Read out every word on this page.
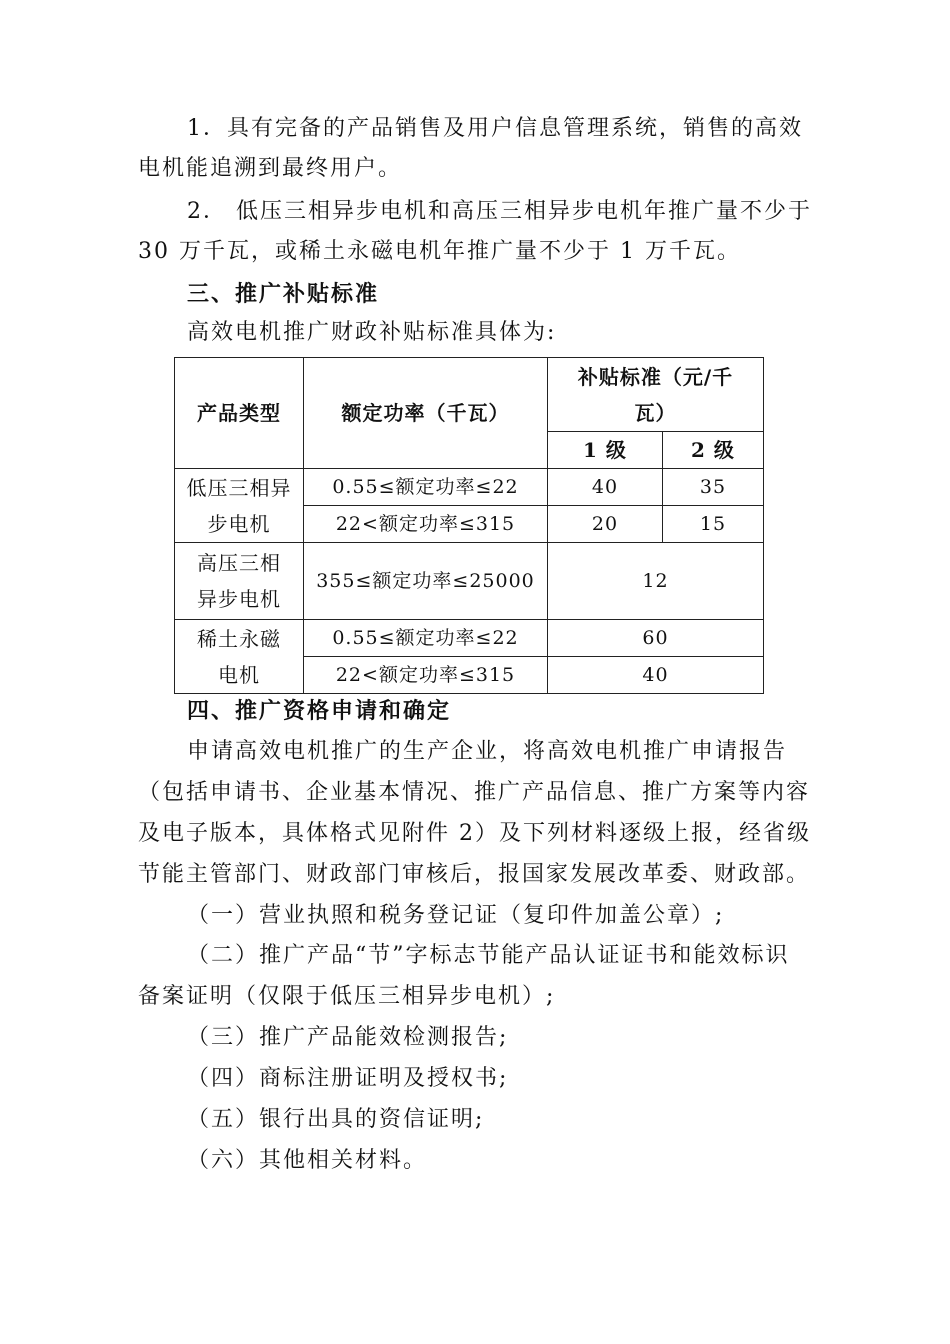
1．具有完备的产品销售及用户信息管理系统，销售的高效
电机能追溯到最终用户。
2． 低压三相异步电机和高压三相异步电机年推广量不少于
30 万千瓦，或稀土永磁电机年推广量不少于 1 万千瓦。
三、推广补贴标准
高效电机推广财政补贴标准具体为:
产品类型	额定功率（千瓦）	补贴标准（元/千
瓦）	

		1 级	2 级

低压三相异
步电机	0.55≤额定功率≤22	40	35
	22<额定功率≤315	20	15

高压三相
异步电机	355≤额定功率≤25000	12	

稀土永磁
电机	0.55≤额定功率≤22	60	
	22<额定功率≤315	40	
四、推广资格申请和确定
申请高效电机推广的生产企业，将高效电机推广申请报告
（包括申请书、企业基本情况、推广产品信息、推广方案等内容
及电子版本，具体格式见附件 2）及下列材料逐级上报，经省级
节能主管部门、财政部门审核后，报国家发展改革委、财政部。
（一）营业执照和税务登记证（复印件加盖公章）;
（二）推广产品“节”字标志节能产品认证证书和能效标识
备案证明（仅限于低压三相异步电机）;
（三）推广产品能效检测报告;
（四）商标注册证明及授权书;
（五）银行出具的资信证明;
（六）其他相关材料。
